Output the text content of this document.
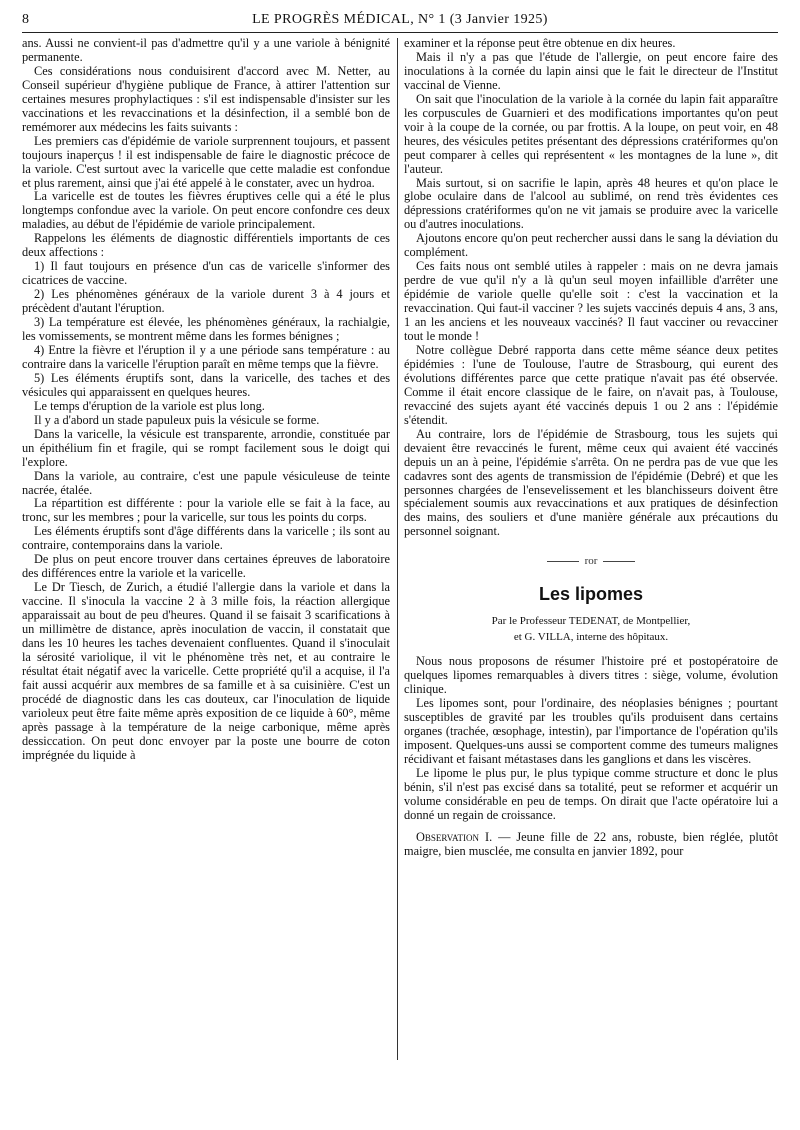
8	LE PROGRÈS MÉDICAL, N° 1 (3 Janvier 1925)

ans. Aussi ne convient-il pas d'admettre qu'il y a une variole à bénignité permanente.

Ces considérations nous conduisirent d'accord avec M. Netter, au Conseil supérieur d'hygiène publique de France, à attirer l'attention sur certaines mesures prophylactiques : s'il est indispensable d'insister sur les vaccinations et les revaccinations et la désinfection, il a semblé bon de remémorer aux médecins les faits suivants :

Les premiers cas d'épidémie de variole surprennent toujours, et passent toujours inaperçus ! il est indispensable de faire le diagnostic précoce de la variole. C'est surtout avec la varicelle que cette maladie est confondue et plus rarement, ainsi que j'ai été appelé à le constater, avec un hydroa.

La varicelle est de toutes les fièvres éruptives celle qui a été le plus longtemps confondue avec la variole. On peut encore confondre ces deux maladies, au début de l'épidémie de variole principalement.

Rappelons les éléments de diagnostic différentiels importants de ces deux affections :

1) Il faut toujours en présence d'un cas de varicelle s'informer des cicatrices de vaccine.

2) Les phénomènes généraux de la variole durent 3 à 4 jours et précèdent d'autant l'éruption.

3) La température est élevée, les phénomènes généraux, la rachialgie, les vomissements, se montrent même dans les formes bénignes ;

4) Entre la fièvre et l'éruption il y a une période sans température : au contraire dans la varicelle l'éruption paraît en même temps que la fièvre.

5) Les éléments éruptifs sont, dans la varicelle, des taches et des vésicules qui apparaissent en quelques heures.

Le temps d'éruption de la variole est plus long.

Il y a d'abord un stade papuleux puis la vésicule se forme.

Dans la varicelle, la vésicule est transparente, arrondie, constituée par un épithélium fin et fragile, qui se rompt facilement sous le doigt qui l'explore.

Dans la variole, au contraire, c'est une papule vésiculeuse de teinte nacrée, étalée.

La répartition est différente : pour la variole elle se fait à la face, au tronc, sur les membres ; pour la varicelle, sur tous les points du corps.

Les éléments éruptifs sont d'âge différents dans la varicelle ; ils sont au contraire, contemporains dans la variole.

De plus on peut encore trouver dans certaines épreuves de laboratoire des différences entre la variole et la varicelle.

Le Dr Tiesch, de Zurich, a étudié l'allergie dans la variole et dans la vaccine. Il s'inocula la vaccine 2 à 3 mille fois, la réaction allergique apparaissait au bout de peu d'heures. Quand il se faisait 3 scarifications à un millimètre de distance, après inoculation de vaccin, il constatait que dans les 10 heures les taches devenaient confluentes. Quand il s'inoculait la sérosité variolique, il vit le phénomène très net, et au contraire le résultat était négatif avec la varicelle. Cette propriété qu'il a acquise, il l'a fait aussi acquérir aux membres de sa famille et à sa cuisinière. C'est un procédé de diagnostic dans les cas douteux, car l'inoculation de liquide varioleux peut être faite même après exposition de ce liquide à 60°, même après passage à la température de la neige carbonique, même après dessiccation. On peut donc envoyer par la poste une bourre de coton imprégnée du liquide à

examiner et la réponse peut être obtenue en dix heures.

Mais il n'y a pas que l'étude de l'allergie, on peut encore faire des inoculations à la cornée du lapin ainsi que le fait le directeur de l'Institut vaccinal de Vienne.

On sait que l'inoculation de la variole à la cornée du lapin fait apparaître les corpuscules de Guarnieri et des modifications importantes qu'on peut voir à la coupe de la cornée, ou par frottis. A la loupe, on peut voir, en 48 heures, des vésicules petites présentant des dépressions cratériformes qu'on peut comparer à celles qui représentent « les montagnes de la lune », dit l'auteur.

Mais surtout, si on sacrifie le lapin, après 48 heures et qu'on place le globe oculaire dans de l'alcool au sublimé, on rend très évidentes ces dépressions cratériformes qu'on ne vit jamais se produire avec la varicelle ou d'autres inoculations.

Ajoutons encore qu'on peut rechercher aussi dans le sang la déviation du complément.

Ces faits nous ont semblé utiles à rappeler : mais on ne devra jamais perdre de vue qu'il n'y a là qu'un seul moyen infaillible d'arrêter une épidémie de variole quelle qu'elle soit : c'est la vaccination et la revaccination. Qui faut-il vacciner ? les sujets vaccinés depuis 4 ans, 3 ans, 1 an les anciens et les nouveaux vaccinés? Il faut vacciner ou revacciner tout le monde !

Notre collègue Debré rapporta dans cette même séance deux petites épidémies : l'une de Toulouse, l'autre de Strasbourg, qui eurent des évolutions différentes parce que cette pratique n'avait pas été observée. Comme il était encore classique de le faire, on n'avait pas, à Toulouse, revacciné des sujets ayant été vaccinés depuis 1 ou 2 ans : l'épidémie s'étendit.

Au contraire, lors de l'épidémie de Strasbourg, tous les sujets qui devaient être revaccinés le furent, même ceux qui avaient été vaccinés depuis un an à peine, l'épidémie s'arrêta. On ne perdra pas de vue que les cadavres sont des agents de transmission de l'épidémie (Debré) et que les personnes chargées de l'ensevelissement et les blanchisseurs doivent être spécialement soumis aux revaccinations et aux pratiques de désinfection des mains, des souliers et d'une manière générale aux précautions du personnel soignant.

ror
Les lipomes
Par le Professeur TEDENAT, de Montpellier,
et G. VILLA, interne des hôpitaux.

Nous nous proposons de résumer l'histoire pré et postopératoire de quelques lipomes remarquables à divers titres : siège, volume, évolution clinique.

Les lipomes sont, pour l'ordinaire, des néoplasies bénignes ; pourtant susceptibles de gravité par les troubles qu'ils produisent dans certains organes (trachée, œsophage, intestin), par l'importance de l'opération qu'ils imposent. Quelques-uns aussi se comportent comme des tumeurs malignes récidivant et faisant métastases dans les ganglions et dans les viscères.

Le lipome le plus pur, le plus typique comme structure et donc le plus bénin, s'il n'est pas excisé dans sa totalité, peut se reformer et acquérir un volume considérable en peu de temps. On dirait que l'acte opératoire lui a donné un regain de croissance.

Observation I. — Jeune fille de 22 ans, robuste, bien réglée, plutôt maigre, bien musclée, me consulta en janvier 1892, pour
